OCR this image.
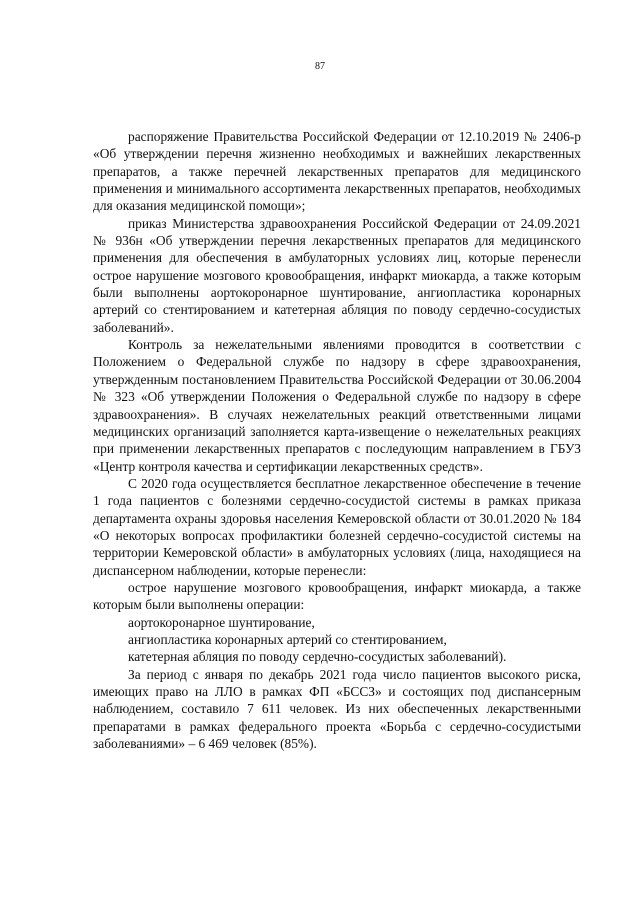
87

распоряжение Правительства Российской Федерации от 12.10.2019 № 2406-р «Об утверждении перечня жизненно необходимых и важнейших лекарственных препаратов, а также перечней лекарственных препаратов для медицинского применения и минимального ассортимента лекарственных препаратов, необходимых для оказания медицинской помощи»;

приказ Министерства здравоохранения Российской Федерации от 24.09.2021 № 936н «Об утверждении перечня лекарственных препаратов для медицинского применения для обеспечения в амбулаторных условиях лиц, которые перенесли острое нарушение мозгового кровообращения, инфаркт миокарда, а также которым были выполнены аортокоронарное шунтирование, ангиопластика коронарных артерий со стентированием и катетерная абляция по поводу сердечно-сосудистых заболеваний».

Контроль за нежелательными явлениями проводится в соответствии с Положением о Федеральной службе по надзору в сфере здравоохранения, утвержденным постановлением Правительства Российской Федерации от 30.06.2004 № 323 «Об утверждении Положения о Федеральной службе по надзору в сфере здравоохранения». В случаях нежелательных реакций ответственными лицами медицинских организаций заполняется карта-извещение о нежелательных реакциях при применении лекарственных препаратов с последующим направлением в ГБУЗ «Центр контроля качества и сертификации лекарственных средств».

С 2020 года осуществляется бесплатное лекарственное обеспечение в течение 1 года пациентов с болезнями сердечно-сосудистой системы в рамках приказа департамента охраны здоровья населения Кемеровской области от 30.01.2020 № 184 «О некоторых вопросах профилактики болезней сердечно-сосудистой системы на территории Кемеровской области» в амбулаторных условиях (лица, находящиеся на диспансерном наблюдении, которые перенесли:

острое нарушение мозгового кровообращения, инфаркт миокарда, а также которым были выполнены операции:

аортокоронарное шунтирование,

ангиопластика коронарных артерий со стентированием,

катетерная абляция по поводу сердечно-сосудистых заболеваний).

За период с января по декабрь 2021 года число пациентов высокого риска, имеющих право на ЛЛО в рамках ФП «БССЗ» и состоящих под диспансерным наблюдением, составило 7 611 человек. Из них обеспеченных лекарственными препаратами в рамках федерального проекта «Борьба с сердечно-сосудистыми заболеваниями» – 6 469 человек (85%).
